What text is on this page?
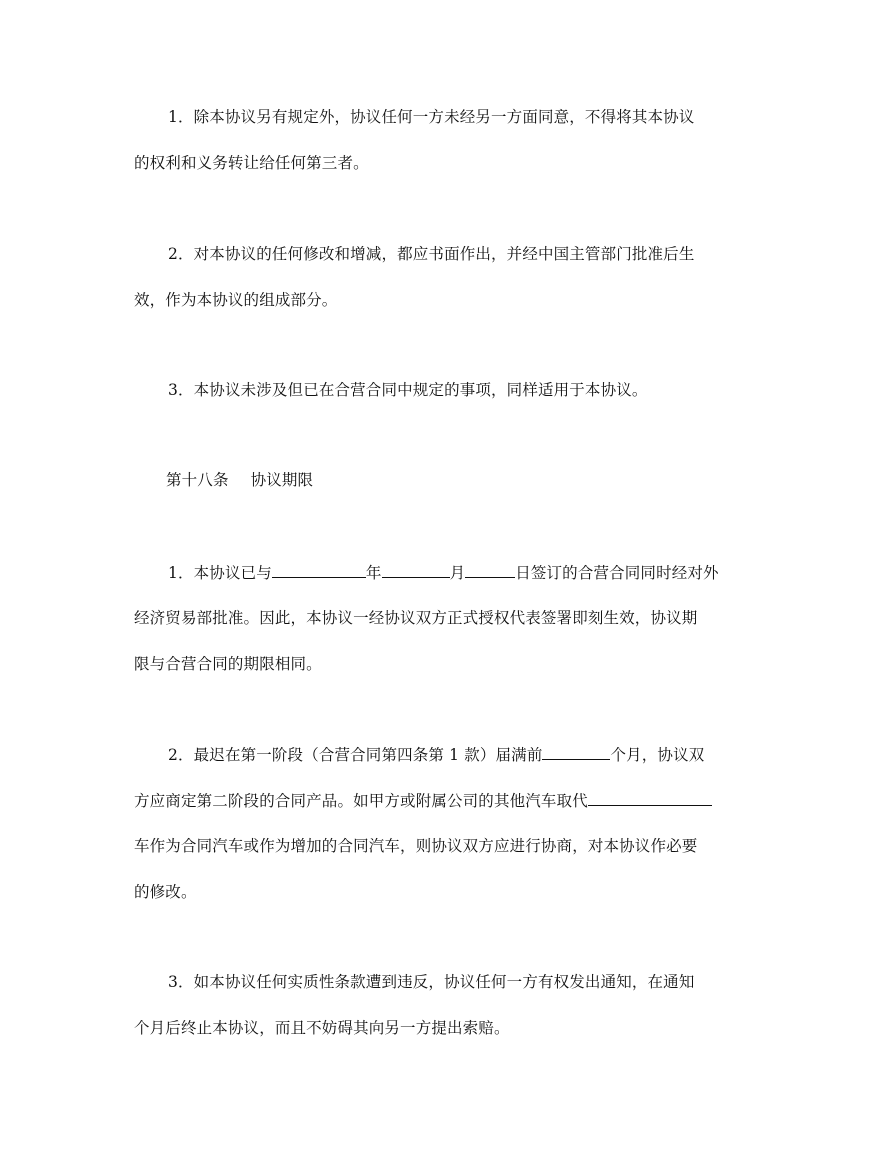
1．除本协议另有规定外，协议任何一方未经另一方面同意，不得将其本协议
的权利和义务转让给任何第三者。
2．对本协议的任何修改和增减，都应书面作出，并经中国主管部门批准后生
效，作为本协议的组成部分。
3．本协议未涉及但已在合营合同中规定的事项，同样适用于本协议。
第十八条 协议期限
1．本协议已与	年	月	日签订的合营合同同时经对外
经济贸易部批准。因此，本协议一经协议双方正式授权代表签署即刻生效，协议期
限与合营合同的期限相同。
2．最迟在第一阶段（合营合同第四条第 1 款）届满前	个月，协议双
方应商定第二阶段的合同产品。如甲方或附属公司的其他汽车取代
车作为合同汽车或作为增加的合同汽车，则协议双方应进行协商，对本协议作必要
的修改。
3．如本协议任何实质性条款遭到违反，协议任何一方有权发出通知，在通知
个月后终止本协议，而且不妨碍其向另一方提出索赔。
